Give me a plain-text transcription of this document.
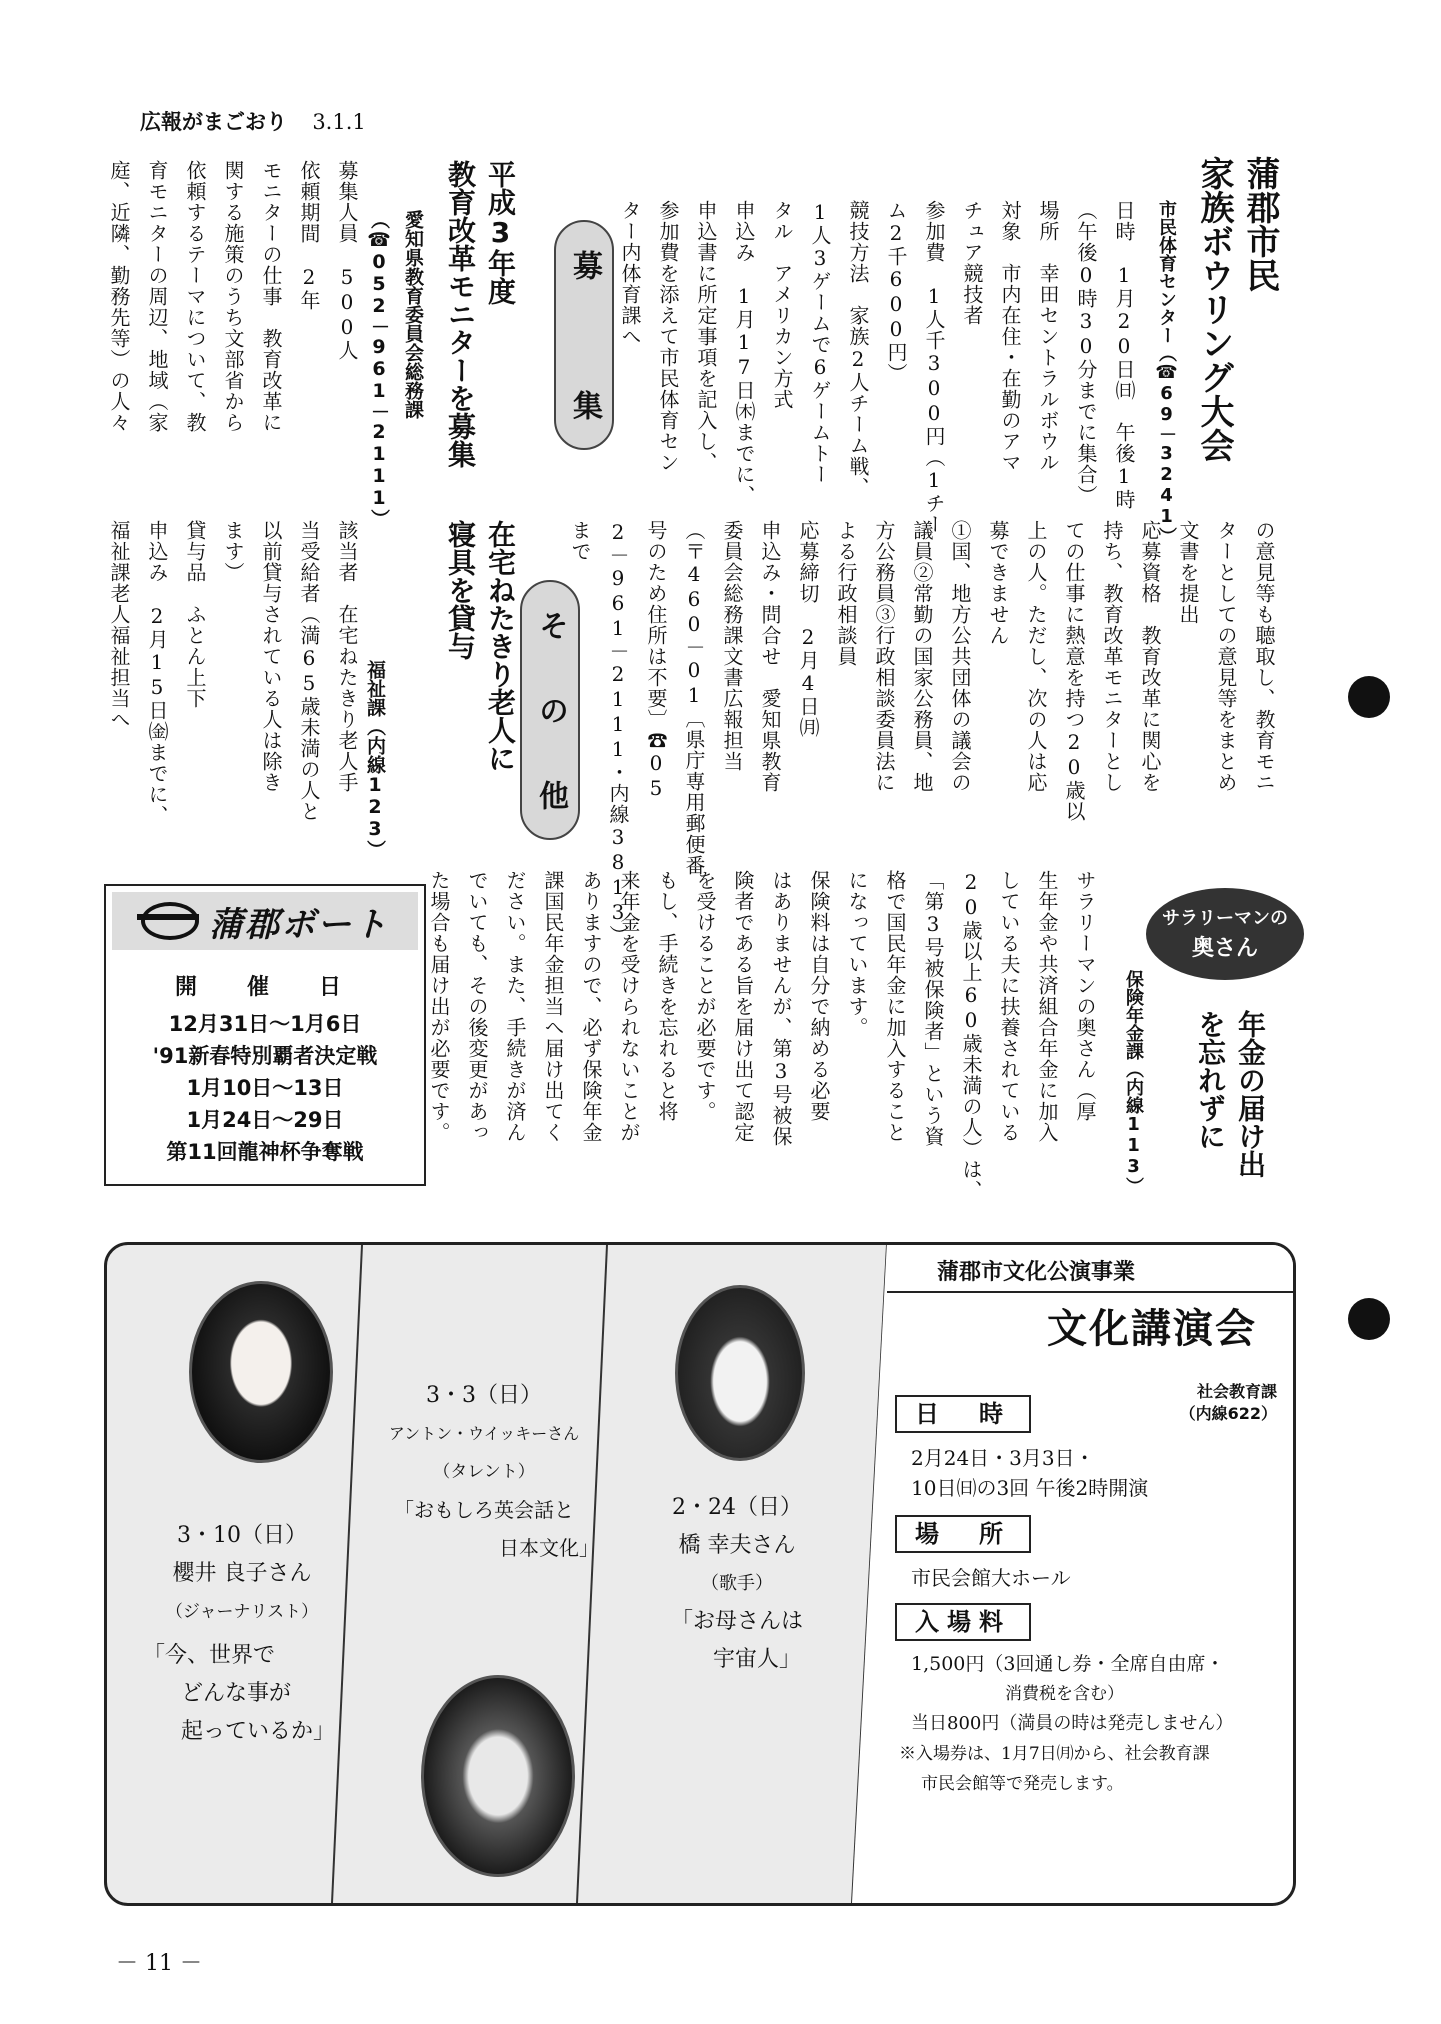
広報がまごおり 3.1.1
蒲郡市民
家族ボウリング大会
市民体育センター（☎69－3241）
日時　1月20日㈰　午後1時
（午後0時30分までに集合）
場所　幸田セントラルボウル
対象　市内在住・在勤のアマ
チュア競技者
参加費　1人千300円（1チー
ム2千600円）
競技方法　家族2人チーム戦、
1人3ゲームで6ゲームトー
タル　アメリカン方式
申込み　1月17日㈭までに、
申込書に所定事項を記入し、
参加費を添えて市民体育セン
ター内体育課へ
募
集
そ
の
他
平成3年度
教育改革モニターを募集
愛知県教育委員会総務課
（☎052－961－2111）
募集人員　500人
依頼期間　2年
モニターの仕事　教育改革に
関する施策のうち文部省から
依頼するテーマについて、教
育モニターの周辺、地域（家
庭、近隣、勤務先等）の人々
の意見等も聴取し、教育モニ
ターとしての意見等をまとめ
文書を提出
応募資格　教育改革に関心を
持ち、教育改革モニターとし
ての仕事に熱意を持つ20歳以
上の人。ただし、次の人は応
募できません
①国、地方公共団体の議会の
議員②常勤の国家公務員、地
方公務員③行政相談委員法に
よる行政相談員
応募締切　2月4日㈪
申込み・問合せ　愛知県教育
委員会総務課文書広報担当
（〒460－01〔県庁専用郵便番
号のため住所は不要〕☎05
2－961－2111・内線3813）
まで
在宅ねたきり老人に
寝具を貸与
福祉課（内線123）
該当者　在宅ねたきり老人手
当受給者（満65歳未満の人と
以前貸与されている人は除き
ます）
貸与品　ふとん上下
申込み　2月15日㈮までに、
福祉課老人福祉担当へ
サラリーマンの
奥さん
年金の届け出
を忘れずに
保険年金課（内線113）
サラリーマンの奥さん（厚
生年金や共済組合年金に加入
している夫に扶養されている
20歳以上60歳未満の人）は、
「第3号被保険者」という資
格で国民年金に加入すること
になっています。
保険料は自分で納める必要
はありませんが、第3号被保
険者である旨を届け出て認定
を受けることが必要です。
もし、手続きを忘れると将
来年金を受けられないことが
ありますので、必ず保険年金
課国民年金担当へ届け出てく
ださい。また、手続きが済ん
でいても、その後変更があっ
た場合も届け出が必要です。
蒲郡ボート
開　催　日
12月31日～1月6日
'91新春特別覇者決定戦
1月10日～13日
1月24日～29日
第11回龍神杯争奪戦
蒲郡市文化公演事業
文化講演会
社会教育課
（内線622）
日　時
2月24日・3月3日・
10日㈰の3回 午後2時開演
場　所
市民会館大ホール
入場料
1,500円（3回通し券・全席自由席・
消費税を含む）
当日800円（満員の時は発売しません）
※入場券は、1月7日㈪から、社会教育課
市民会館等で発売します。
3・10（日）
櫻井 良子さん
（ジャーナリスト）
「今、世界で
どんな事が
起っているか」
3・3（日）
アントン・ウイッキーさん
（タレント）
「おもしろ英会話と
日本文化」
2・24（日）
橋 幸夫さん
（歌手）
「お母さんは
宇宙人」
－ 11 －
